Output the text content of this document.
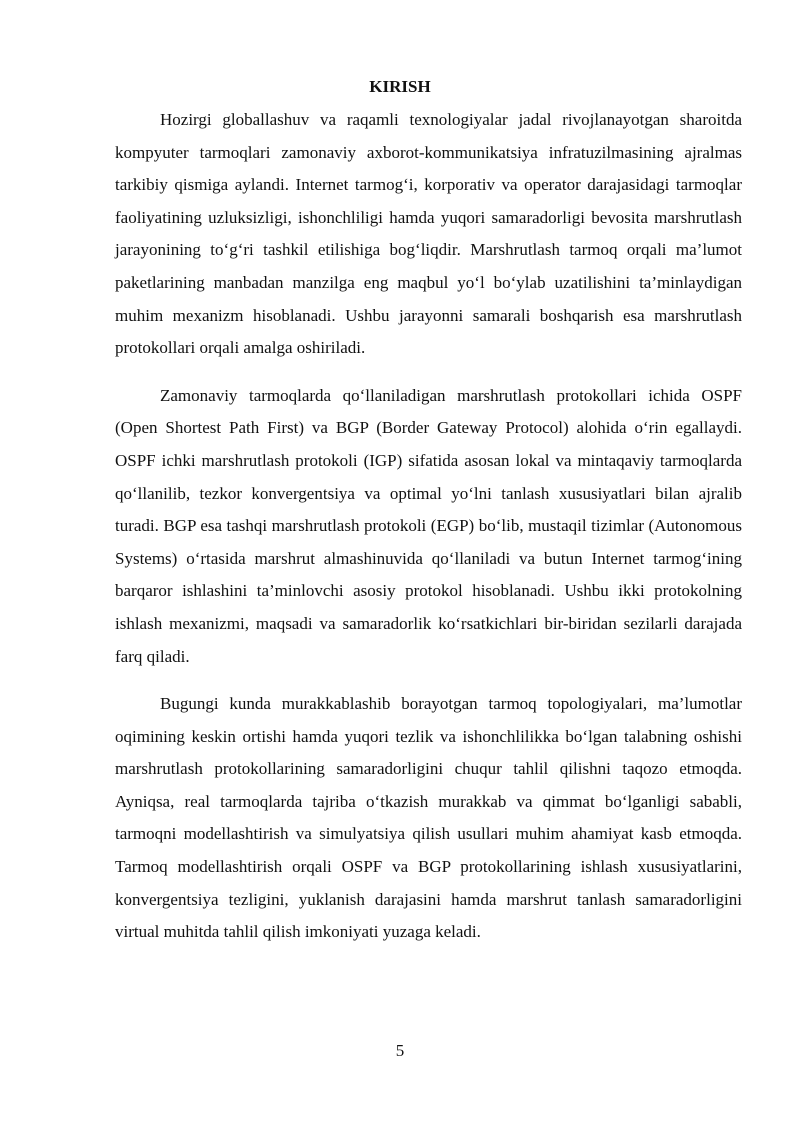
KIRISH

Hozirgi globallashuv va raqamli texnologiyalar jadal rivojlanayotgan sharoitda kompyuter tarmoqlari zamonaviy axborot-kommunikatsiya infratuzilmasining ajralmas tarkibiy qismiga aylandi. Internet tarmog‘i, korporativ va operator darajasidagi tarmoqlar faoliyatining uzluksizligi, ishonchliligi hamda yuqori samaradorligi bevosita marshrutlash jarayonining to‘g‘ri tashkil etilishiga bog‘liqdir. Marshrutlash tarmoq orqali ma’lumot paketlarining manbadan manzilga eng maqbul yo‘l bo‘ylab uzatilishini ta’minlaydigan muhim mexanizm hisoblanadi. Ushbu jarayonni samarali boshqarish esa marshrutlash protokollari orqali amalga oshiriladi.

Zamonaviy tarmoqlarda qo‘llaniladigan marshrutlash protokollari ichida OSPF (Open Shortest Path First) va BGP (Border Gateway Protocol) alohida o‘rin egallaydi. OSPF ichki marshrutlash protokoli (IGP) sifatida asosan lokal va mintaqaviy tarmoqlarda qo‘llanilib, tezkor konvergentsiya va optimal yo‘lni tanlash xususiyatlari bilan ajralib turadi. BGP esa tashqi marshrutlash protokoli (EGP) bo‘lib, mustaqil tizimlar (Autonomous Systems) o‘rtasida marshrut almashinuvida qo‘llaniladi va butun Internet tarmog‘ining barqaror ishlashini ta’minlovchi asosiy protokol hisoblanadi. Ushbu ikki protokolning ishlash mexanizmi, maqsadi va samaradorlik ko‘rsatkichlari bir-biridan sezilarli darajada farq qiladi.

Bugungi kunda murakkablashib borayotgan tarmoq topologiyalari, ma’lumotlar oqimining keskin ortishi hamda yuqori tezlik va ishonchlilikka bo‘lgan talabning oshishi marshrutlash protokollarining samaradorligini chuqur tahlil qilishni taqozo etmoqda. Ayniqsa, real tarmoqlarda tajriba o‘tkazish murakkab va qimmat bo‘lganligi sababli, tarmoqni modellashtirish va simulyatsiya qilish usullari muhim ahamiyat kasb etmoqda. Tarmoq modellashtirish orqali OSPF va BGP protokollarining ishlash xususiyatlarini, konvergentsiya tezligini, yuklanish darajasini hamda marshrut tanlash samaradorligini virtual muhitda tahlil qilish imkoniyati yuzaga keladi.

5
